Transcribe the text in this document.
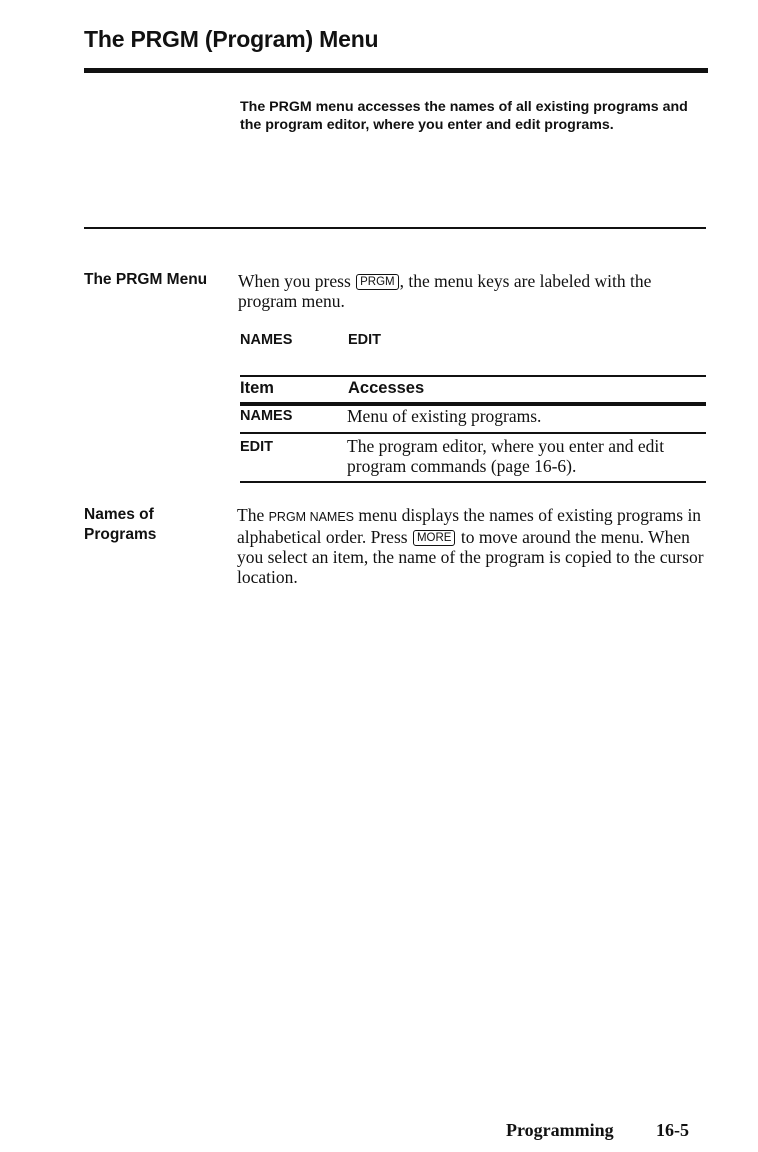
The PRGM (Program) Menu
The PRGM menu accesses the names of all existing programs and the program editor, where you enter and edit programs.
The PRGM Menu When you press PRGM , the menu keys are labeled with the program menu.
NAMES	EDIT
Item	Accesses
NAMES	Menu of existing programs.
EDIT	The program editor, where you enter and edit program commands (page 16-6).
Names of
Programs
The PRGM NAMES menu displays the names of existing programs in alphabetical order. Press MORE to move around the menu. When you select an item, the name of the program is copied to the cursor location.
Programming 16-5
